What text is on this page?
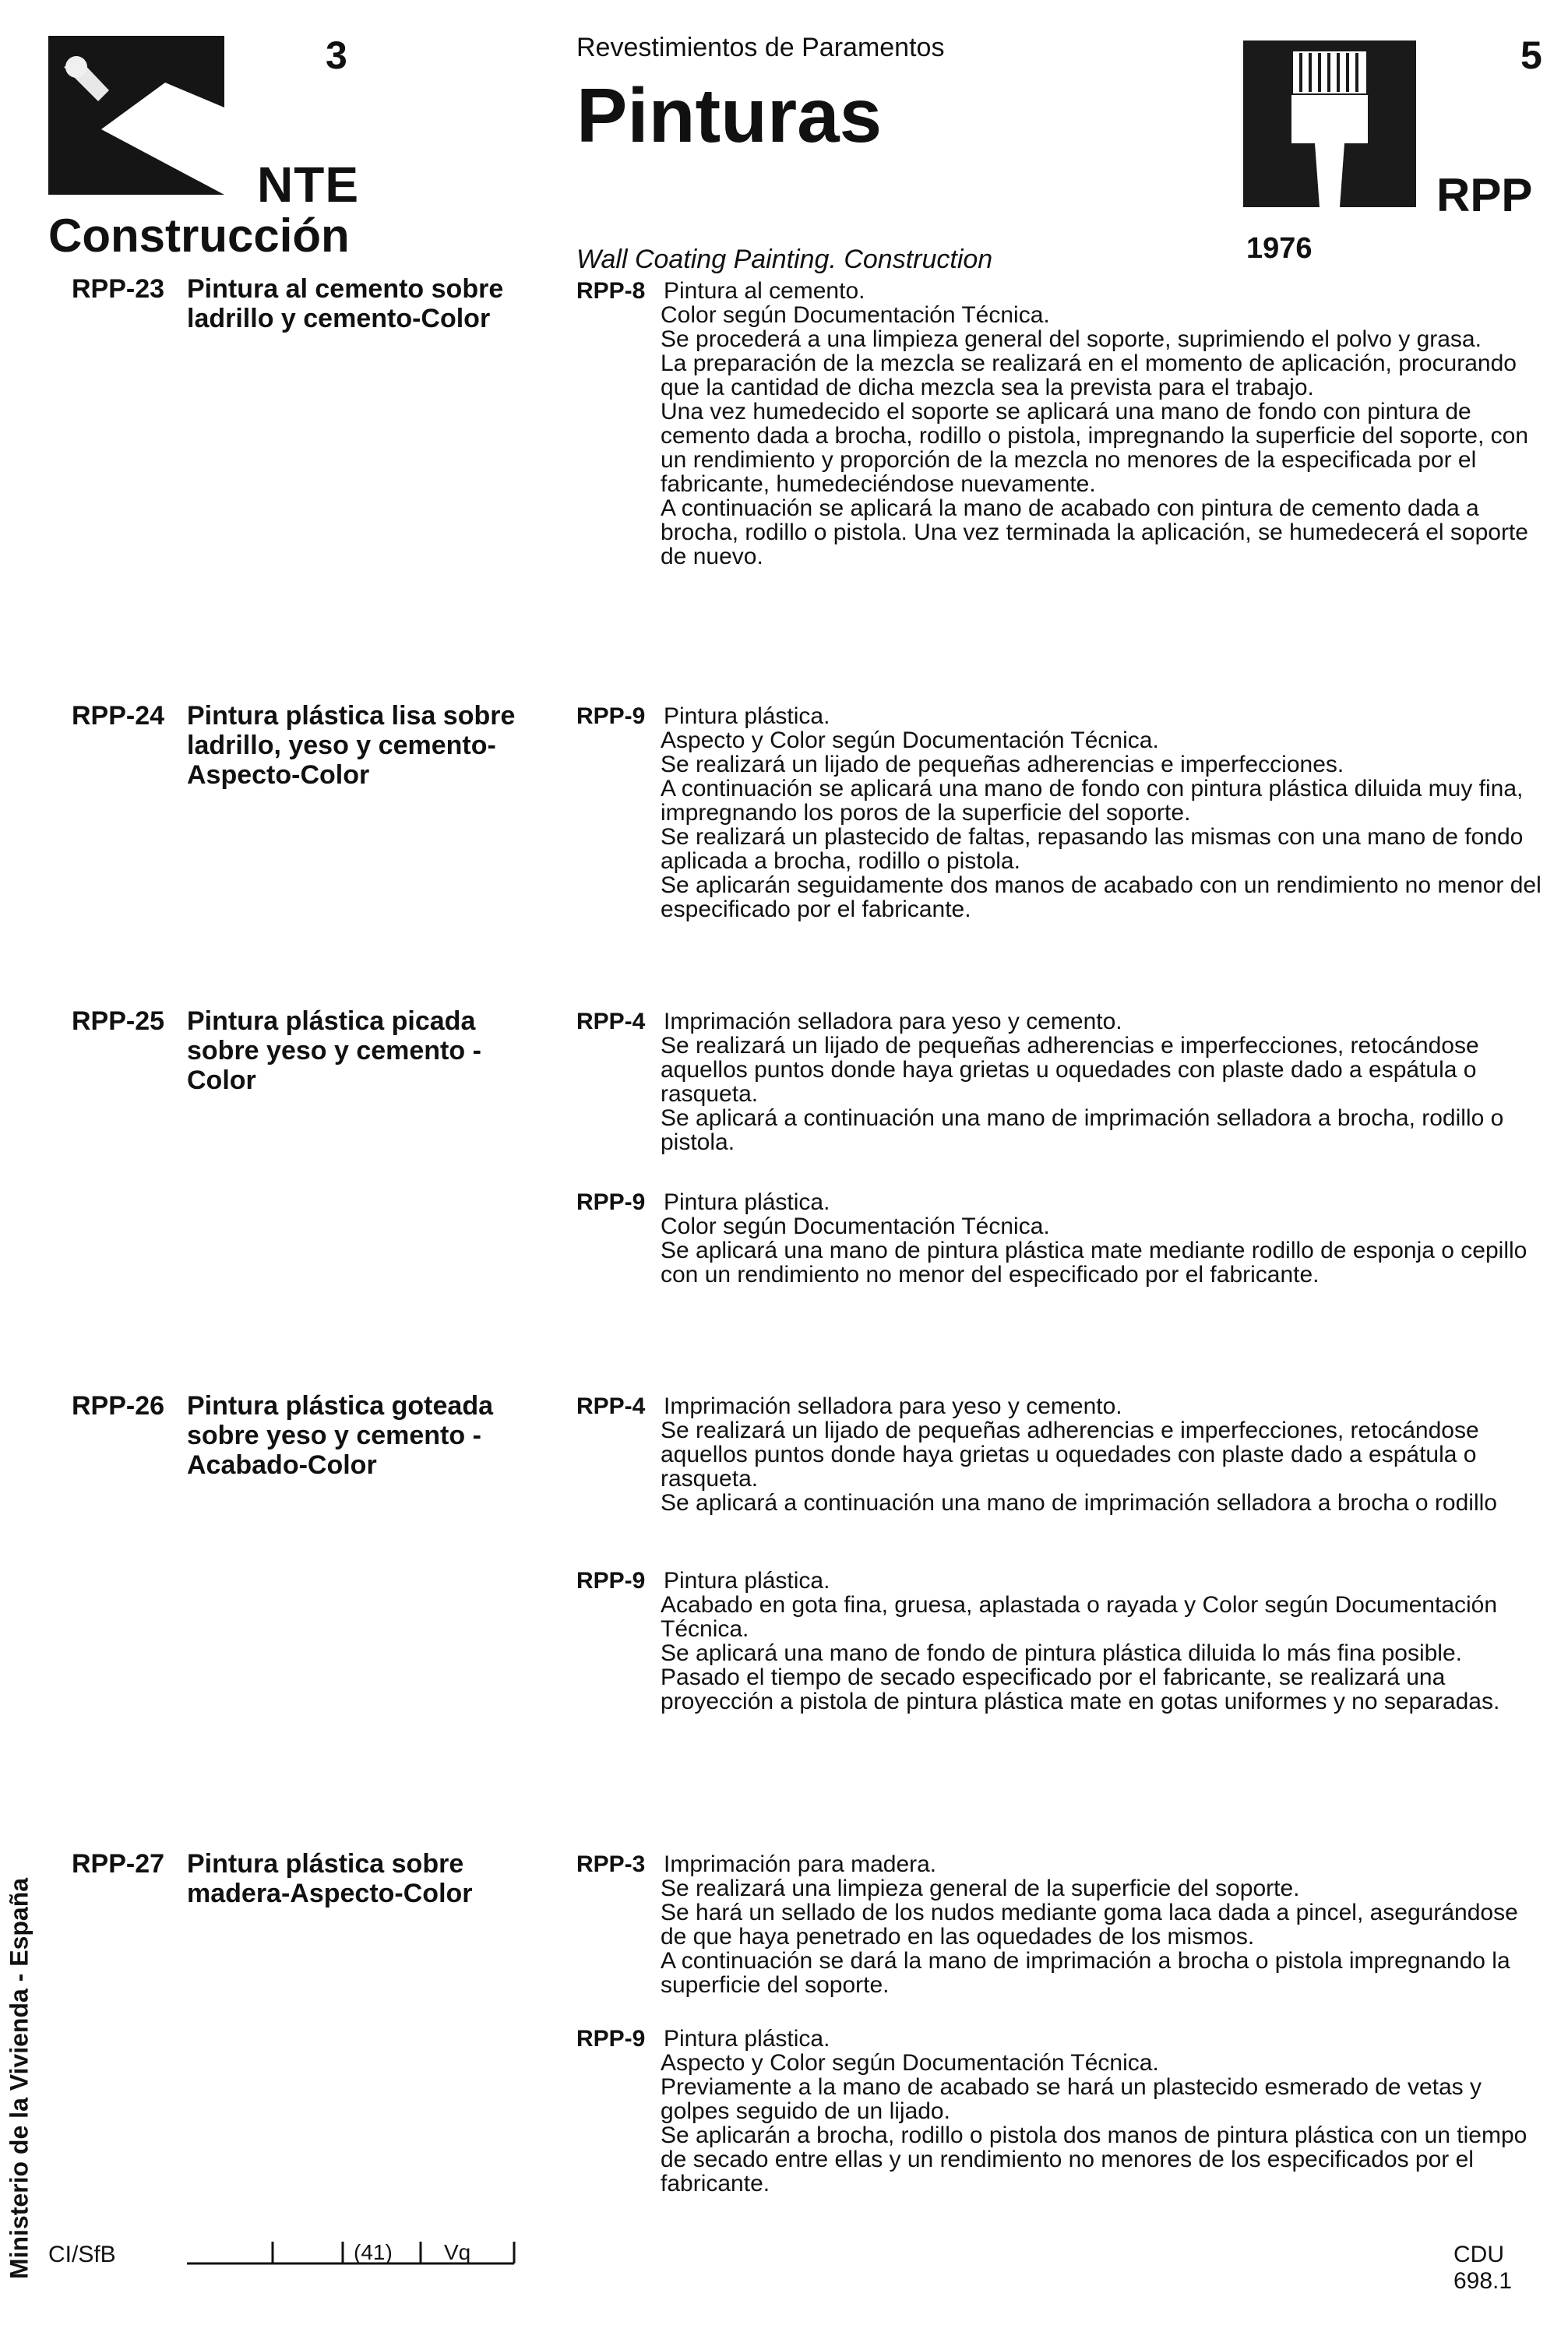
3
NTE
Construcción
Revestimientos de Paramentos
Pinturas
Wall Coating Painting. Construction	1976
5
RPP
RPP-23 Pintura al cemento sobre ladrillo y cemento-Color
RPP-8 Pintura al cemento.
Color según Documentación Técnica.
Se procederá a una limpieza general del soporte, suprimiendo el polvo y grasa.
La preparación de la mezcla se realizará en el momento de aplicación, procurando que la cantidad de dicha mezcla sea la prevista para el trabajo.
Una vez humedecido el soporte se aplicará una mano de fondo con pintura de cemento dada a brocha, rodillo o pistola, impregnando la superficie del soporte, con un rendimiento y proporción de la mezcla no menores de la especificada por el fabricante, humedeciéndose nuevamente.
A continuación se aplicará la mano de acabado con pintura de cemento dada a brocha, rodillo o pistola. Una vez terminada la aplicación, se humedecerá el soporte de nuevo.
RPP-24 Pintura plástica lisa sobre ladrillo, yeso y cemento-Aspecto-Color
RPP-9 Pintura plástica.
Aspecto y Color según Documentación Técnica.
Se realizará un lijado de pequeñas adherencias e imperfecciones.
A continuación se aplicará una mano de fondo con pintura plástica diluida muy fina, impregnando los poros de la superficie del soporte.
Se realizará un plastecido de faltas, repasando las mismas con una mano de fondo aplicada a brocha, rodillo o pistola.
Se aplicarán seguidamente dos manos de acabado con un rendimiento no menor del especificado por el fabricante.
RPP-25 Pintura plástica picada sobre yeso y cemento -Color
RPP-4 Imprimación selladora para yeso y cemento.
Se realizará un lijado de pequeñas adherencias e imperfecciones, retocándose aquellos puntos donde haya grietas u oquedades con plaste dado a espátula o rasqueta.
Se aplicará a continuación una mano de imprimación selladora a brocha, rodillo o pistola.
RPP-9 Pintura plástica.
Color según Documentación Técnica.
Se aplicará una mano de pintura plástica mate mediante rodillo de esponja o cepillo con un rendimiento no menor del especificado por el fabricante.
RPP-26 Pintura plástica goteada sobre yeso y cemento -Acabado-Color
RPP-4 Imprimación selladora para yeso y cemento.
Se realizará un lijado de pequeñas adherencias e imperfecciones, retocándose aquellos puntos donde haya grietas u oquedades con plaste dado a espátula o rasqueta.
Se aplicará a continuación una mano de imprimación selladora a brocha o rodillo
RPP-9 Pintura plástica.
Acabado en gota fina, gruesa, aplastada o rayada y Color según Documentación Técnica.
Se aplicará una mano de fondo de pintura plástica diluida lo más fina posible.
Pasado el tiempo de secado especificado por el fabricante, se realizará una proyección a pistola de pintura plástica mate en gotas uniformes y no separadas.
RPP-27 Pintura plástica sobre madera-Aspecto-Color
RPP-3 Imprimación para madera.
Se realizará una limpieza general de la superficie del soporte.
Se hará un sellado de los nudos mediante goma laca dada a pincel, asegurándose de que haya penetrado en las oquedades de los mismos.
A continuación se dará la mano de imprimación a brocha o pistola impregnando la superficie del soporte.
RPP-9 Pintura plástica.
Aspecto y Color según Documentación Técnica.
Previamente a la mano de acabado se hará un plastecido esmerado de vetas y golpes seguido de un lijado.
Se aplicarán a brocha, rodillo o pistola dos manos de pintura plástica con un tiempo de secado entre ellas y un rendimiento no menores de los especificados por el fabricante.
Ministerio de la Vivienda - España CI/SfB	(41) Vq	CDU 698.1
